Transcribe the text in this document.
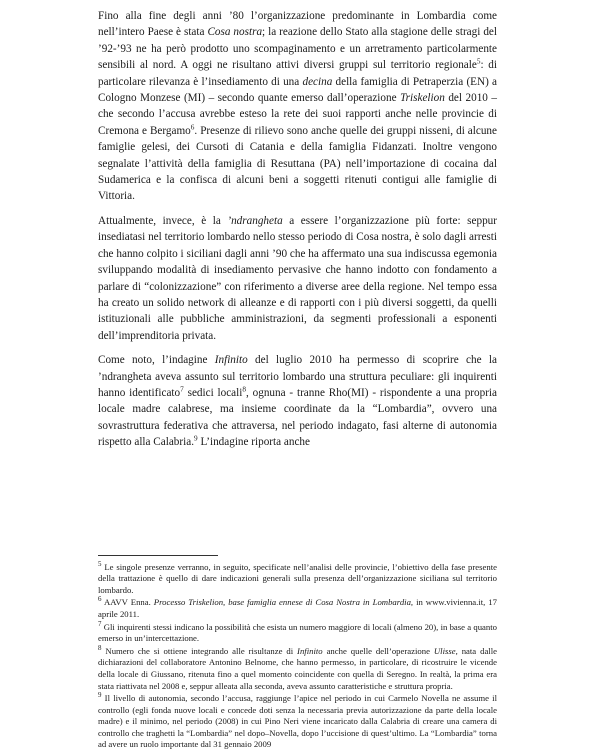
Fino alla fine degli anni ’80 l’organizzazione predominante in Lombardia come nell’intero Paese è stata Cosa nostra; la reazione dello Stato alla stagione delle stragi del ’92-’93 ne ha però prodotto uno scompaginamento e un arretramento particolarmente sensibili al nord. A oggi ne risultano attivi diversi gruppi sul territorio regionale$^5$: di particolare rilevanza è l’insediamento di una decina della famiglia di Petraperzia (EN) a Cologno Monzese (MI) – secondo quante emerso dall’operazione Triskelion del 2010 – che secondo l’accusa avrebbe esteso la rete dei suoi rapporti anche nelle provincie di Cremona e Bergamo$^6$. Presenze di rilievo sono anche quelle dei gruppi nisseni, di alcune famiglie gelesi, dei Cursoti di Catania e della famiglia Fidanzati. Inoltre vengono segnalate l’attività della famiglia di Resuttana (PA) nell’importazione di cocaina dal Sudamerica e la confisca di alcuni beni a soggetti ritenuti contigui alle famiglie di Vittoria.

Attualmente, invece, è la ’ndrangheta a essere l’organizzazione più forte: seppur insediatasi nel territorio lombardo nello stesso periodo di Cosa nostra, è solo dagli arresti che hanno colpito i siciliani dagli anni ’90 che ha affermato una sua indiscussa egemonia sviluppando modalità di insediamento pervasive che hanno indotto con fondamento a parlare di “colonizzazione” con riferimento a diverse aree della regione. Nel tempo essa ha creato un solido network di alleanze e di rapporti con i più diversi soggetti, da quelli istituzionali alle pubbliche amministrazioni, da segmenti professionali a esponenti dell’imprenditoria privata.

Come noto, l’indagine Infinito del luglio 2010 ha permesso di scoprire che la ’ndrangheta aveva assunto sul territorio lombardo una struttura peculiare: gli inquirenti hanno identificato$^7$ sedici locali$^8$, ognuna - tranne Rho(MI) - rispondente a una propria locale madre calabrese, ma insieme coordinate da la “Lombardia”, ovvero una sovrastruttura federativa che attraversa, nel periodo indagato, fasi alterne di autonomia rispetto alla Calabria.$^9$ L’indagine riporta anche

$^5$ Le singole presenze verranno, in seguito, specificate nell’analisi delle provincie, l’obiettivo della fase presente della trattazione è quello di dare indicazioni generali sulla presenza dell’organizzazione siciliana sul territorio lombardo.

$^6$ AAVV Enna. Processo Triskelion, base famiglia ennese di Cosa Nostra in Lombardia, in www.vivienna.it, 17 aprile 2011.

$^7$ Gli inquirenti stessi indicano la possibilità che esista un numero maggiore di locali (almeno 20), in base a quanto emerso in un’intercettazione.

$^8$ Numero che si ottiene integrando alle risultanze di Infinito anche quelle dell’operazione Ulisse, nata dalle dichiarazioni del collaboratore Antonino Belnome, che hanno permesso, in particolare, di ricostruire le vicende della locale di Giussano, ritenuta fino a quel momento coincidente con quella di Seregno. In realtà, la prima era stata riattivata nel 2008 e, seppur alleata alla seconda, aveva assunto caratteristiche e struttura propria.

$^9$ Il livello di autonomia, secondo l’accusa, raggiunge l’apice nel periodo in cui Carmelo Novella ne assume il controllo (egli fonda nuove locali e concede doti senza la necessaria previa autorizzazione da parte della locale madre) e il minimo, nel periodo (2008) in cui Pino Neri viene incaricato dalla Calabria di creare una camera di controllo che traghetti la “Lombardia” nel dopo–Novella, dopo l’uccisione di quest’ultimo. La “Lombardia” torna ad avere un ruolo importante dal 31 gennaio 2009
